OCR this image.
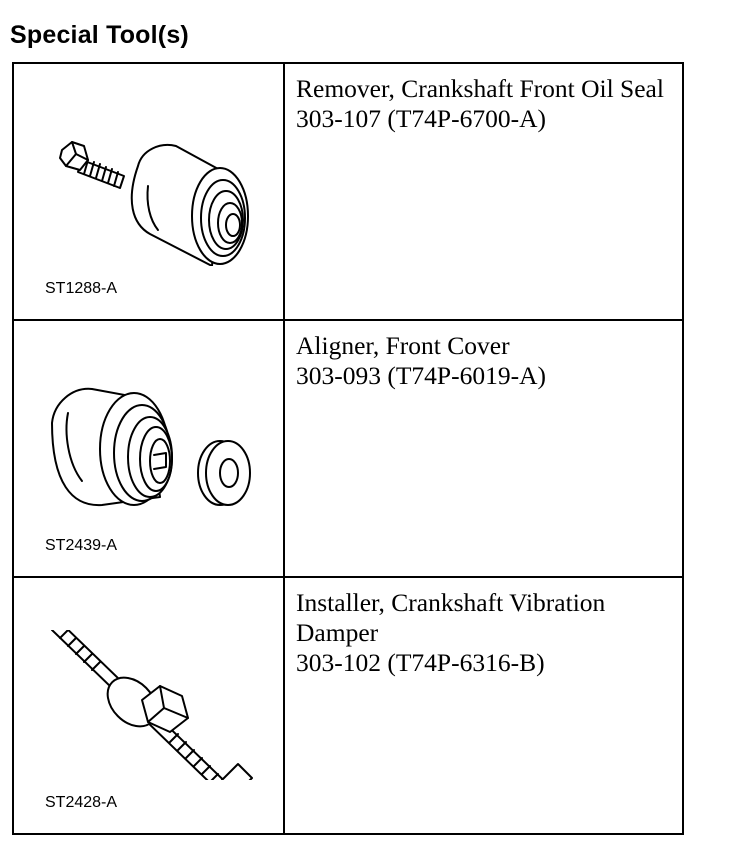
Special Tool(s)
ST1288-A	Remover, Crankshaft Front Oil Seal
303-107 (T74P-6700-A)

ST2439-A	Aligner, Front Cover
303-093 (T74P-6019-A)

ST2428-A	Installer, Crankshaft Vibration Damper
303-102 (T74P-6316-B)
